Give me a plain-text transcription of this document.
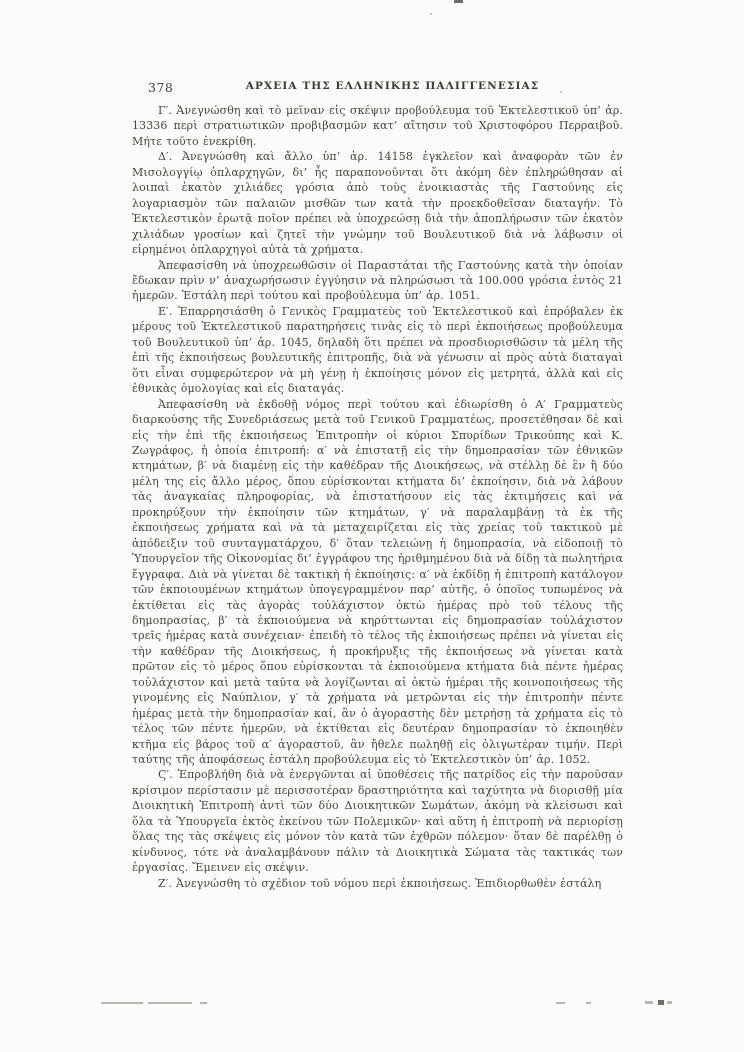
378	ΑΡΧΕΙΑ ΤΗΣ ΕΛΛΗΝΙΚΗΣ ΠΑΛΙΓΓΕΝΕΣΙΑΣ

Γ′. Ἀνεγνώσθη καὶ τὸ μεῖναν εἰς σκέψιν προβούλευμα τοῦ Ἐκτελεστικοῦ ὑπ’ ἀρ. 13336 περὶ στρατιωτικῶν προβιβασμῶν κατ’ αἴτησιν τοῦ Χριστοφόρου Περραιβοῦ. Μήτε τοῦτο ἐνεκρίθη.

Δ′. Ἀνεγνώσθη καὶ ἄλλο ὑπ’ ἀρ. 14158 ἐγκλεῖον καὶ ἀναφορὰν τῶν ἐν Μισολογγίῳ ὁπλαρχηγῶν, δι’ ἧς παραπονοῦνται ὅτι ἀκόμη δὲν ἐπληρώθησαν αἱ λοιπαὶ ἑκατὸν χιλιάδες γρόσια ἀπὸ τοὺς ἐνοικιαστὰς τῆς Γαστούνης εἰς λογαριασμὸν τῶν παλαιῶν μισθῶν των κατὰ τὴν προεκδοθεῖσαν διαταγήν. Τὸ Ἐκτελεστικὸν ἐρωτᾷ ποῖον πρέπει νὰ ὑποχρεώσῃ διὰ τὴν ἀποπλήρωσιν τῶν ἑκατὸν χιλιάδων γροσίων καὶ ζητεῖ τὴν γνώμην τοῦ Βουλευτικοῦ διὰ νὰ λάβωσιν οἱ εἰρημένοι ὁπλαρχηγοὶ αὐτὰ τὰ χρήματα.

Ἀπεφασίσθη νὰ ὑποχρεωθῶσιν οἱ Παραστάται τῆς Γαστούνης κατὰ τὴν ὁποίαν ἔδωκαν πρὶν ν’ ἀναχωρήσωσιν ἐγγύησιν νὰ πληρώσωσι τὰ 100.000 γρόσια ἐντὸς 21 ἡμερῶν. Ἐστάλη περὶ τούτου καὶ προβούλευμα ὑπ’ ἀρ. 1051.

Ε′. Ἐπαρρησιάσθη ὁ Γενικὸς Γραμματεὺς τοῦ Ἐκτελεστικοῦ καὶ ἐπρόβαλεν ἐκ μέρους τοῦ Ἐκτελεστικοῦ παρατηρήσεις τινὰς εἰς τὸ περὶ ἐκποιήσεως προβούλευμα τοῦ Βουλευτικοῦ ὑπ’ ἀρ. 1045, δηλαδὴ ὅτι πρέπει νὰ προσδιορισθῶσιν τὰ μέλη τῆς ἐπὶ τῆς ἐκποιήσεως βουλευτικῆς ἐπιτροπῆς, διὰ νὰ γένωσιν αἱ πρὸς αὐτὰ διαταγαὶ ὅτι εἶναι συμφερώτερον νὰ μὴ γένῃ ἡ ἐκποίησις μόνον εἰς μετρητά, ἀλλὰ καὶ εἰς ἐθνικὰς ὁμολογίας καὶ εἰς διαταγάς.

Ἀπεφασίσθη νὰ ἐκδοθῇ νόμος περὶ τούτου καὶ ἐδιωρίσθη ὁ Α′ Γραμματεὺς διαρκούσης τῆς Συνεδριάσεως μετὰ τοῦ Γενικοῦ Γραμματέως, προσετέθησαν δὲ καὶ εἰς τὴν ἐπὶ τῆς ἐκποιήσεως Ἐπιτροπὴν οἱ κύριοι Σπυρίδων Τρικούπης καὶ Κ. Ζωγράφος, ἡ ὁποία ἐπιτροπή: α′ νὰ ἐπιστατῇ εἰς τὴν δημοπρασίαν τῶν ἐθνικῶν κτημάτων, β′ νὰ διαμένῃ εἰς τὴν καθέδραν τῆς Διοικήσεως, νὰ στέλλῃ δὲ ἓν ἢ δύο μέλη της εἰς ἄλλο μέρος, ὅπου εὑρίσκονται κτήματα δι’ ἐκποίησιν, διὰ νὰ λάβουν τὰς ἀναγκαίας πληροφορίας, νὰ ἐπιστατήσουν εἰς τὰς ἐκτιμήσεις καὶ νὰ προκηρύξουν τὴν ἐκποίησιν τῶν κτημάτων, γ′ νὰ παραλαμβάνῃ τὰ ἐκ τῆς ἐκποιήσεως χρήματα καὶ νὰ τὰ μεταχειρίζεται εἰς τὰς χρείας τοῦ τακτικοῦ μὲ ἀπόδειξιν τοῦ συνταγματάρχου, δ′ ὅταν τελειώνῃ ἡ δημοπρασία, νὰ εἰδοποιῇ τὸ Ὑπουργεῖον τῆς Οἰκονομίας δι’ ἐγγράφου της ἠριθμημένου διὰ νὰ δίδῃ τὰ πωλητήρια ἔγγραφα. Διὰ νὰ γίνεται δὲ τακτικὴ ἡ ἐκποίησις: α′ νὰ ἐκδίδῃ ἡ ἐπιτροπὴ κατάλογον τῶν ἐκποιουμένων κτημάτων ὑπογεγραμμένον παρ’ αὐτῆς, ὁ ὁποῖος τυπωμένος νὰ ἐκτίθεται εἰς τὰς ἀγορὰς τοὐλάχιστον ὀκτὼ ἡμέρας πρὸ τοῦ τέλους τῆς δημοπρασίας, β′ τὰ ἐκποιούμενα νὰ κηρύττωνται εἰς δημοπρασίαν τοὐλάχιστον τρεῖς ἡμέρας κατὰ συνέχειαν· ἐπειδὴ τὸ τέλος τῆς ἐκποιήσεως πρέπει νὰ γίνεται εἰς τὴν καθέδραν τῆς Διοικήσεως, ἡ προκήρυξις τῆς ἐκποιήσεως νὰ γίνεται κατὰ πρῶτον εἰς τὸ μέρος ὅπου εὑρίσκονται τὰ ἐκποιούμενα κτήματα διὰ πέντε ἡμέρας τοὐλάχιστον καὶ μετὰ ταῦτα νὰ λογίζωνται αἱ ὀκτὼ ἡμέραι τῆς κοινοποιήσεως τῆς γινομένης εἰς Ναύπλιον, γ′ τὰ χρήματα νὰ μετρῶνται εἰς τὴν ἐπιτροπὴν πέντε ἡμέρας μετὰ τὴν δημοπρασίαν καί, ἂν ὁ ἀγοραστὴς δὲν μετρήσῃ τὰ χρήματα εἰς τὸ τέλος τῶν πέντε ἡμερῶν, νὰ ἐκτίθεται εἰς δευτέραν δημοπρασίαν τὸ ἐκποιηθὲν κτῆμα εἰς βάρος τοῦ α′ ἀγοραστοῦ, ἂν ἤθελε πωληθῇ εἰς ὀλιγωτέραν τιμήν. Περὶ ταύτης τῆς ἀποφάσεως ἐστάλη προβούλευμα εἰς τὸ Ἐκτελεστικὸν ὑπ’ ἀρ. 1052.

Ϛ′. Ἐπροβλήθη διὰ νὰ ἐνεργῶνται αἱ ὑποθέσεις τῆς πατρίδος εἰς τὴν παροῦσαν κρίσιμον περίστασιν μὲ περισσοτέραν δραστηριότητα καὶ ταχύτητα νὰ διορισθῇ μία Διοικητικὴ Ἐπιτροπὴ ἀντὶ τῶν δύο Διοικητικῶν Σωμάτων, ἀκόμη νὰ κλείσωσι καὶ ὅλα τὰ Ὑπουργεῖα ἐκτὸς ἐκείνου τῶν Πολεμικῶν· καὶ αὕτη ἡ ἐπιτροπὴ νὰ περιορίσῃ ὅλας της τὰς σκέψεις εἰς μόνον τὸν κατὰ τῶν ἐχθρῶν πόλεμον· ὅταν δὲ παρέλθῃ ὁ κίνδυνος, τότε νὰ ἀναλαμβάνουν πάλιν τὰ Διοικητικὰ Σώματα τὰς τακτικάς των ἐργασίας. Ἔμεινεν εἰς σκέψιν.

Ζ′. Ἀνεγνώσθη τὸ σχέδιον τοῦ νόμου περὶ ἐκποιήσεως. Ἐπιδιορθωθὲν ἐστάλη
